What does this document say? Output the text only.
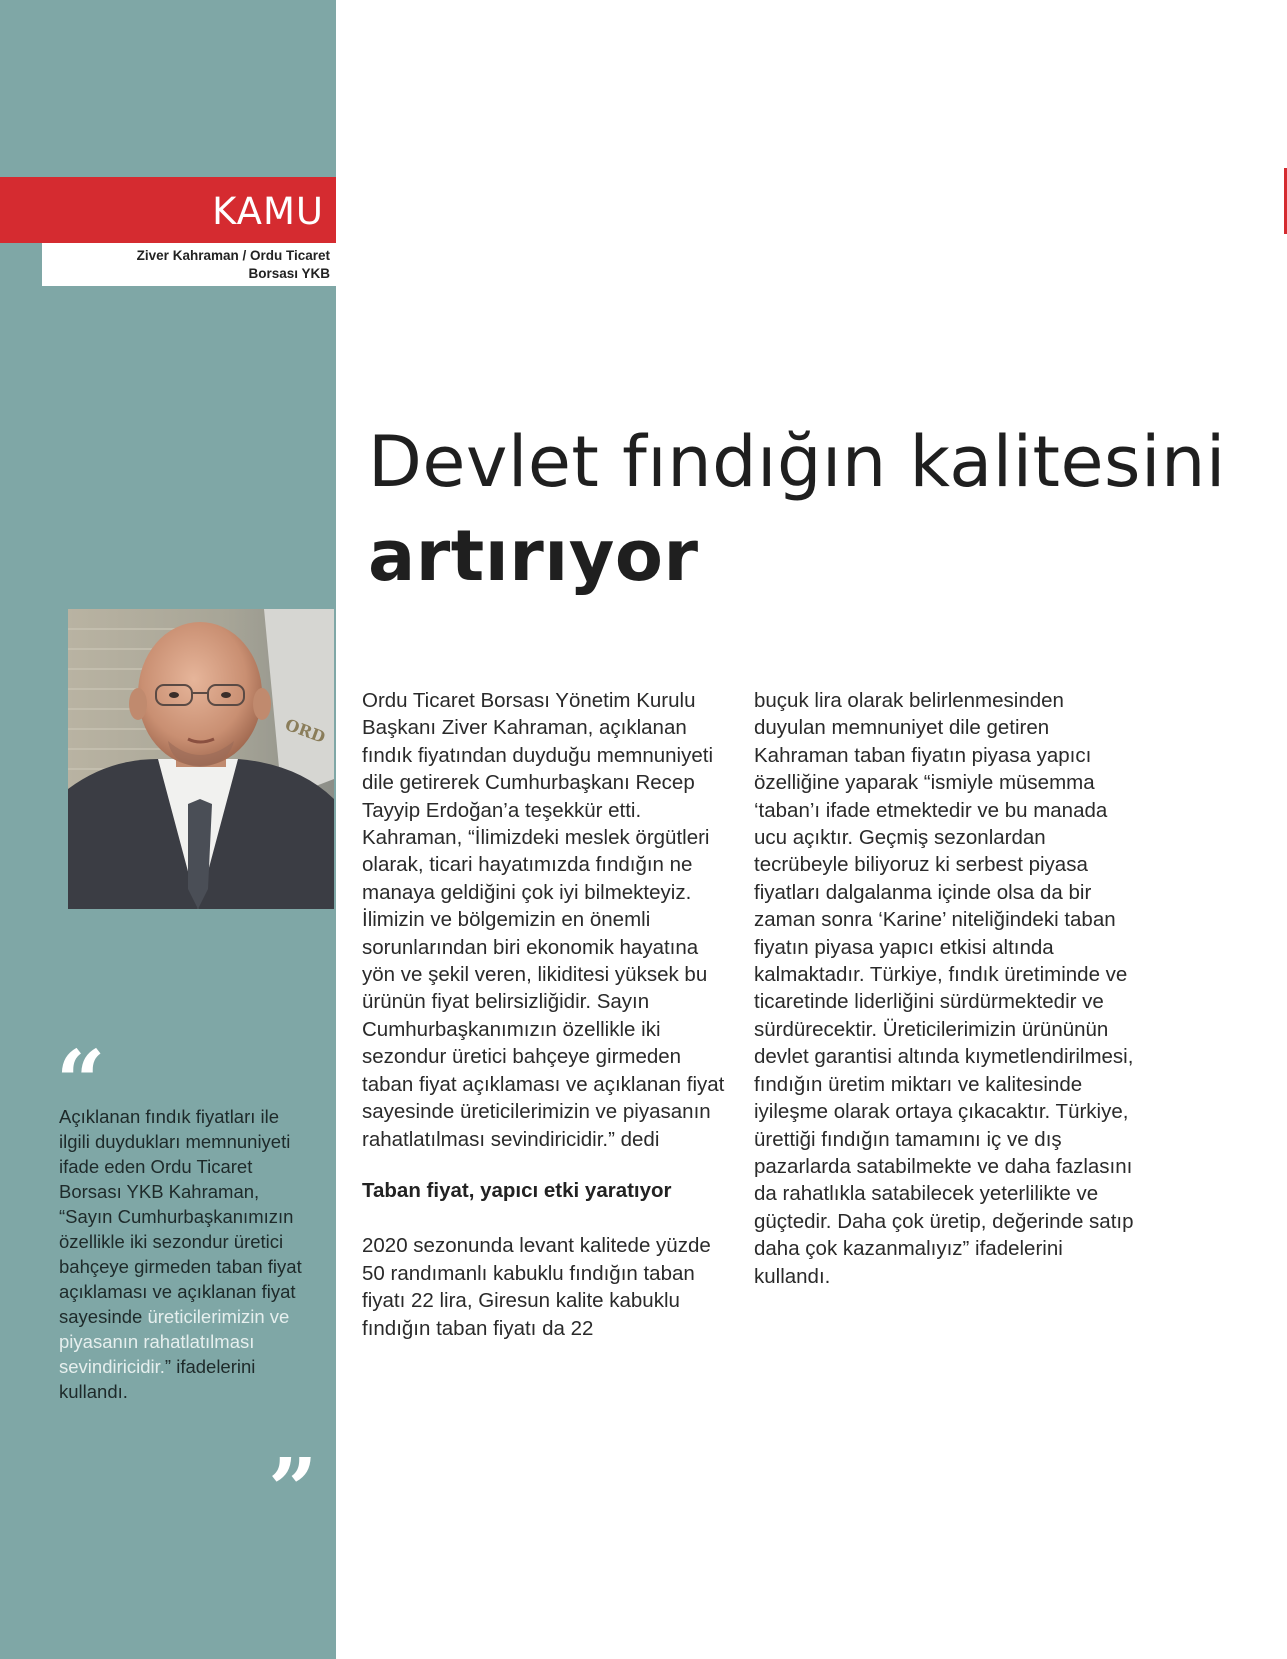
KAMU
Ziver Kahraman / Ordu Ticaret
Borsası YKB
Devlet fındığın kalitesini artırıyor
ORD
“
Açıklanan fındık fiyatları ile ilgili duydukları memnuniyeti ifade eden Ordu Ticaret Borsası YKB Kahraman, “Sayın Cumhurbaşkanımızın özellikle iki sezondur üretici bahçeye girmeden taban fiyat açıklaması ve açıklanan fiyat sayesinde üreticilerimizin ve piyasanın rahatlatılması sevindiricidir.” ifadelerini kullandı.
”

Ordu Ticaret Borsası Yönetim Kurulu Başkanı Ziver Kahraman, açıklanan fındık fiyatından duyduğu memnuniyeti dile getirerek Cumhurbaşkanı Recep Tayyip Erdoğan’a teşekkür etti. Kahraman, “İlimizdeki meslek örgütleri olarak, ticari hayatımızda fındığın ne manaya geldiğini çok iyi bilmekteyiz. İlimizin ve bölgemizin en önemli sorunlarından biri ekonomik hayatına yön ve şekil veren, likiditesi yüksek bu ürünün fiyat belirsizliğidir. Sayın Cumhurbaşkanımızın özellikle iki sezondur üretici bahçeye girmeden taban fiyat açıklaması ve açıklanan fiyat sayesinde üreticilerimizin ve piyasanın rahatlatılması sevindiricidir.” dedi

Taban fiyat, yapıcı etki yaratıyor

2020 sezonunda levant kalitede yüzde 50 randımanlı kabuklu fındığın taban fiyatı 22 lira, Giresun kalite kabuklu fındığın taban fiyatı da 22

buçuk lira olarak belirlenmesinden duyulan memnuniyet dile getiren Kahraman taban fiyatın piyasa yapıcı özelliğine yaparak “ismiyle müsemma ‘taban’ı ifade etmektedir ve bu manada ucu açıktır. Geçmiş sezonlardan tecrübeyle biliyoruz ki serbest piyasa fiyatları dalgalanma içinde olsa da bir zaman sonra ‘Karine’ niteliğindeki taban fiyatın piyasa yapıcı etkisi altında kalmaktadır. Türkiye, fındık üretiminde ve ticaretinde liderliğini sürdürmektedir ve sürdürecektir. Üreticilerimizin ürününün devlet garantisi altında kıymetlendirilmesi, fındığın üretim miktarı ve kalitesinde iyileşme olarak ortaya çıkacaktır. Türkiye, ürettiği fındığın tamamını iç ve dış pazarlarda satabilmekte ve daha fazlasını da rahatlıkla satabilecek yeterlilikte ve güçtedir. Daha çok üretip, değerinde satıp daha çok kazanmalıyız” ifadelerini kullandı.
